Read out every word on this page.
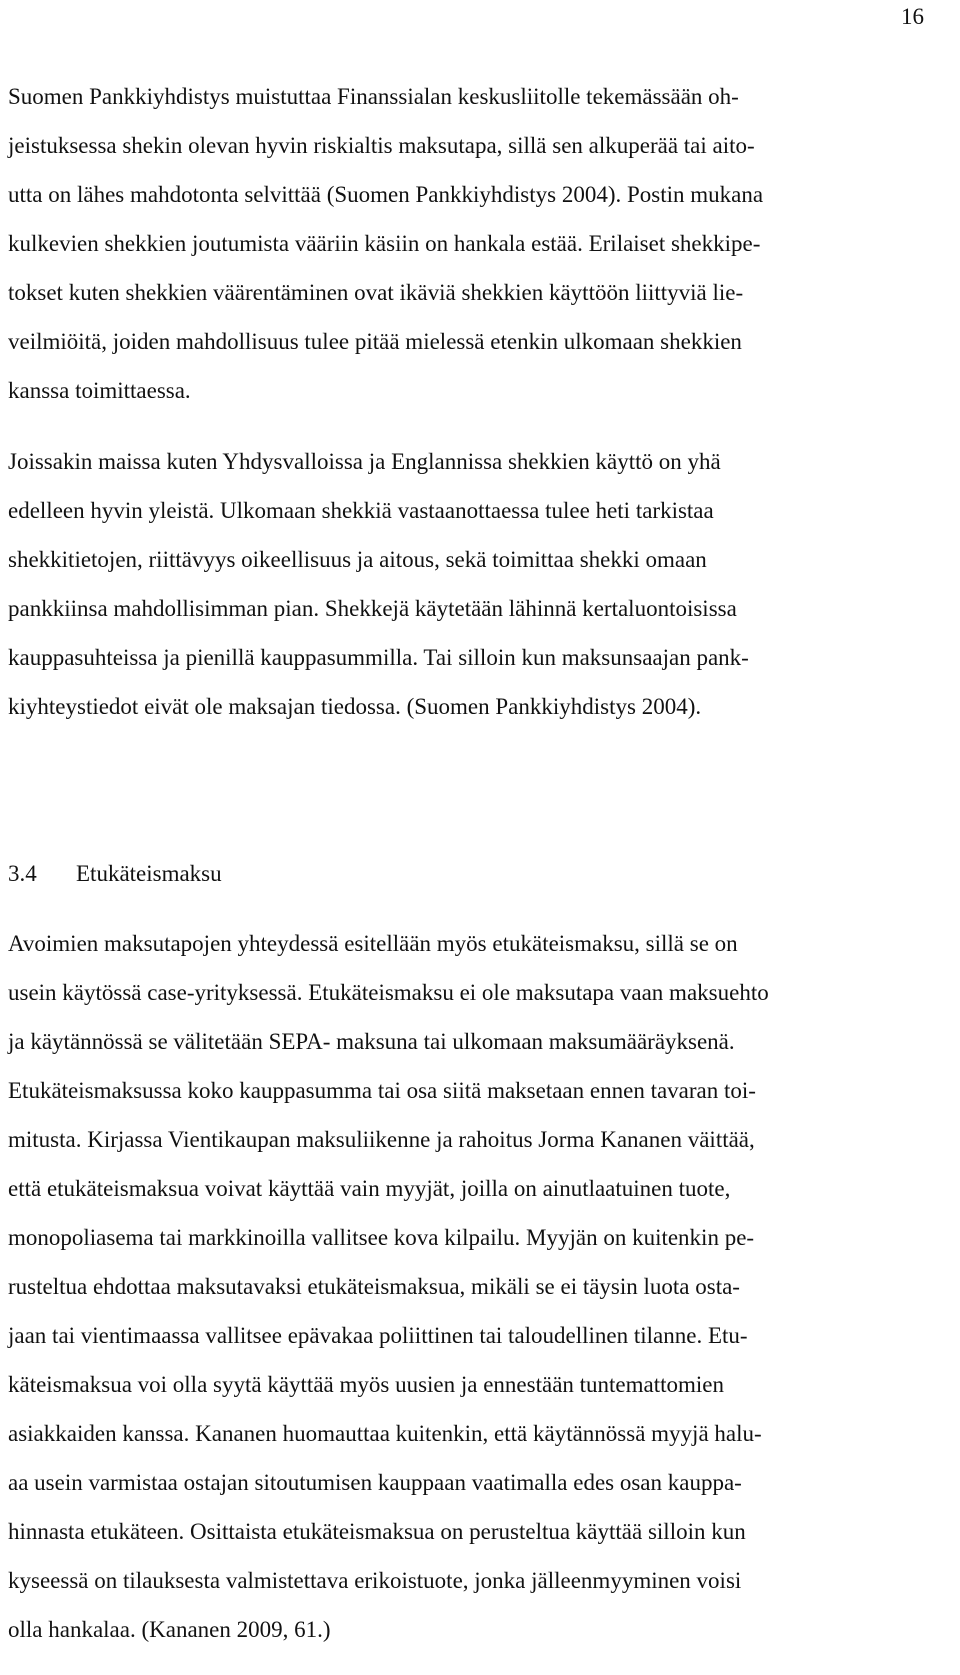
16
Suomen Pankkiyhdistys muistuttaa Finanssialan keskusliitolle tekemässään oh-
jeistuksessa shekin olevan hyvin riskialtis maksutapa, sillä sen alkuperää tai aito-
utta on lähes mahdotonta selvittää (Suomen Pankkiyhdistys 2004). Postin mukana
kulkevien shekkien joutumista vääriin käsiin on hankala estää. Erilaiset shekkipe-
tokset kuten shekkien väärentäminen ovat ikäviä shekkien käyttöön liittyviä lie-
veilmiöitä, joiden mahdollisuus tulee pitää mielessä etenkin ulkomaan shekkien
kanssa toimittaessa.
Joissakin maissa kuten Yhdysvalloissa ja Englannissa shekkien käyttö on yhä
edelleen hyvin yleistä. Ulkomaan shekkiä vastaanottaessa tulee heti tarkistaa
shekkitietojen, riittävyys oikeellisuus ja aitous, sekä toimittaa shekki omaan
pankkiinsa mahdollisimman pian. Shekkejä käytetään lähinnä kertaluontoisissa
kauppasuhteissa ja pienillä kauppasummilla. Tai silloin kun maksunsaajan pank-
kiyhteystiedot eivät ole maksajan tiedossa. (Suomen Pankkiyhdistys 2004).
3.4 Etukäteismaksu
Avoimien maksutapojen yhteydessä esitellään myös etukäteismaksu, sillä se on
usein käytössä case-yrityksessä. Etukäteismaksu ei ole maksutapa vaan maksuehto
ja käytännössä se välitetään SEPA- maksuna tai ulkomaan maksumääräyksenä.
Etukäteismaksussa koko kauppasumma tai osa siitä maksetaan ennen tavaran toi-
mitusta. Kirjassa Vientikaupan maksuliikenne ja rahoitus Jorma Kananen väittää,
että etukäteismaksua voivat käyttää vain myyjät, joilla on ainutlaatuinen tuote,
monopoliasema tai markkinoilla vallitsee kova kilpailu. Myyjän on kuitenkin pe-
rusteltua ehdottaa maksutavaksi etukäteismaksua, mikäli se ei täysin luota osta-
jaan tai vientimaassa vallitsee epävakaa poliittinen tai taloudellinen tilanne. Etu-
käteismaksua voi olla syytä käyttää myös uusien ja ennestään tuntemattomien
asiakkaiden kanssa. Kananen huomauttaa kuitenkin, että käytännössä myyjä halu-
aa usein varmistaa ostajan sitoutumisen kauppaan vaatimalla edes osan kauppa-
hinnasta etukäteen. Osittaista etukäteismaksua on perusteltua käyttää silloin kun
kyseessä on tilauksesta valmistettava erikoistuote, jonka jälleenmyyminen voisi
olla hankalaa. (Kananen 2009, 61.)
